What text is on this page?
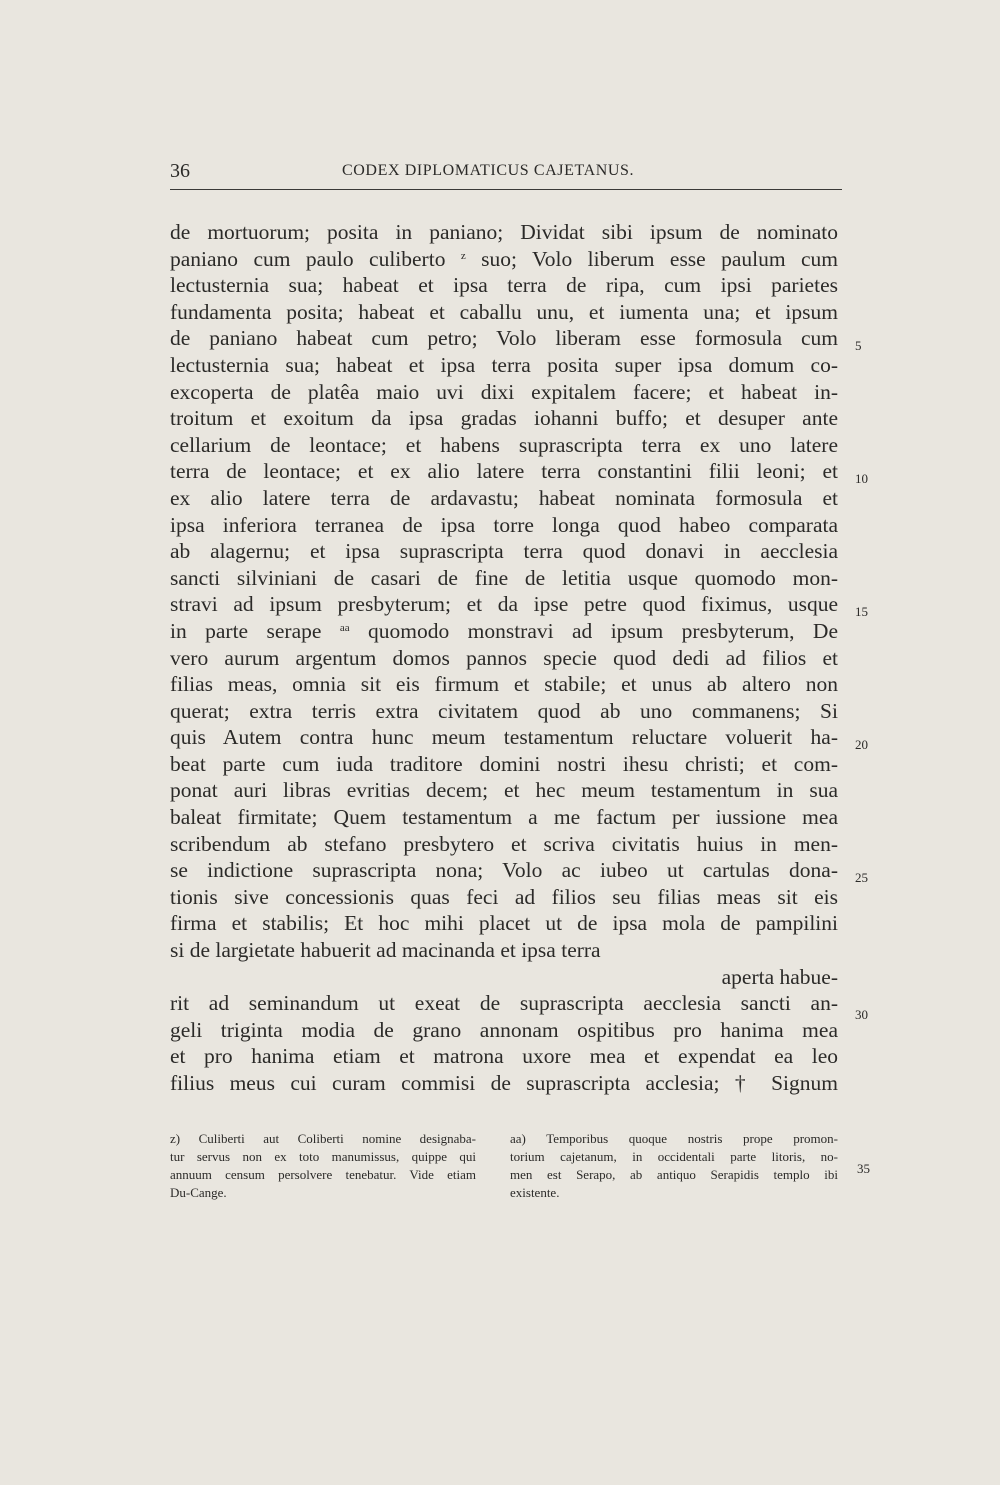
36	CODEX DIPLOMATICUS CAJETANUS.
de mortuorum; posita in paniano; Dividat sibi ipsum de nominato
paniano cum paulo culiberto $^z$ suo; Volo liberum esse paulum cum
lectusternia sua; habeat et ipsa terra de ripa, cum ipsi parietes
fundamenta posita; habeat et caballu unu, et iumenta una; et ipsum
de paniano habeat cum petro; Volo liberam esse formosula cum
lectusternia sua; habeat et ipsa terra posita super ipsa domum co-
excoperta de platêa maio uvi dixi expitalem facere; et habeat in-
troitum et exoitum da ipsa gradas iohanni buffo; et desuper ante
cellarium de leontace; et habens suprascripta terra ex uno latere
terra de leontace; et ex alio latere terra constantini filii leoni; et
ex alio latere terra de ardavastu; habeat nominata formosula et
ipsa inferiora terranea de ipsa torre longa quod habeo comparata
ab alagernu; et ipsa suprascripta terra quod donavi in aecclesia
sancti silviniani de casari de fine de letitia usque quomodo mon-
stravi ad ipsum presbyterum; et da ipse petre quod fiximus, usque
in parte serape $^{aa}$ quomodo monstravi ad ipsum presbyterum, De
vero aurum argentum domos pannos specie quod dedi ad filios et
filias meas, omnia sit eis firmum et stabile; et unus ab altero non
querat; extra terris extra civitatem quod ab uno commanens; Si
quis Autem contra hunc meum testamentum reluctare voluerit ha-
beat parte cum iuda traditore domini nostri ihesu christi; et com-
ponat auri libras evritias decem; et hec meum testamentum in sua
baleat firmitate; Quem testamentum a me factum per iussione mea
scribendum ab stefano presbytero et scriva civitatis huius in men-
se indictione suprascripta nona; Volo ac iubeo ut cartulas dona-
tionis sive concessionis quas feci ad filios seu filias meas sit eis
firma et stabilis; Et hoc mihi placet ut de ipsa mola de pampilini
si de largietate habuerit ad macinanda et ipsa terra
aperta habue-
rit ad seminandum ut exeat de suprascripta aecclesia sancti an-
geli triginta modia de grano annonam ospitibus pro hanima mea
et pro hanima etiam et matrona uxore mea et expendat ea leo
filius meus cui curam commisi de suprascripta acclesia; † Signum
5
10
15
20
25
30
z) Culiberti aut Coliberti nomine designaba-
tur servus non ex toto manumissus, quippe qui
annuum censum persolvere tenebatur. Vide etiam
Du-Cange.
aa) Temporibus quoque nostris prope promon-
torium cajetanum, in occidentali parte litoris, no-
men est Serapo, ab antiquo Serapidis templo ibi
existente.
35
